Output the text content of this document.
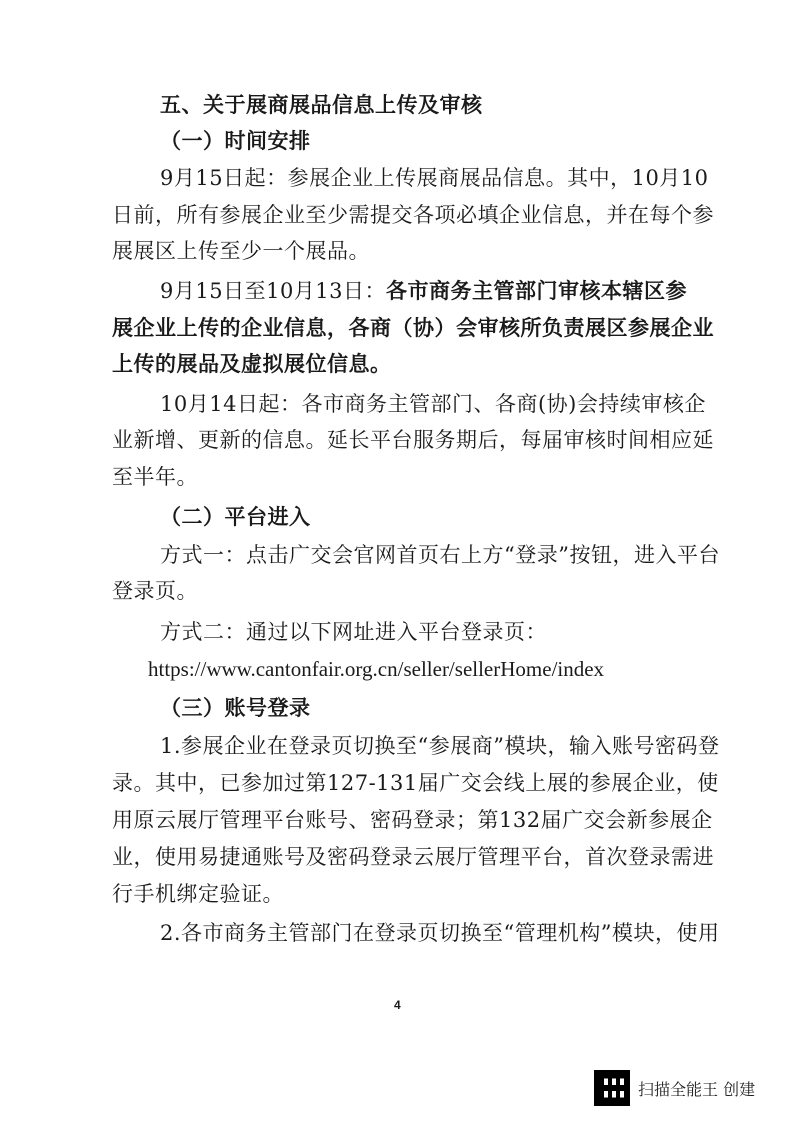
五、关于展商展品信息上传及审核
（一）时间安排
9月15日起：参展企业上传展商展品信息。其中，10月10
日前，所有参展企业至少需提交各项必填企业信息，并在每个参
展展区上传至少一个展品。
9月15日至10月13日：各市商务主管部门审核本辖区参
展企业上传的企业信息，各商（协）会审核所负责展区参展企业
上传的展品及虚拟展位信息。
10月14日起：各市商务主管部门、各商(协)会持续审核企
业新增、更新的信息。延长平台服务期后，每届审核时间相应延
至半年。
（二）平台进入
方式一：点击广交会官网首页右上方“登录”按钮，进入平台
登录页。
方式二：通过以下网址进入平台登录页：
https://www.cantonfair.org.cn/seller/sellerHome/index
（三）账号登录
1.参展企业在登录页切换至“参展商”模块，输入账号密码登
录。其中，已参加过第127-131届广交会线上展的参展企业，使
用原云展厅管理平台账号、密码登录；第132届广交会新参展企
业，使用易捷通账号及密码登录云展厅管理平台，首次登录需进
行手机绑定验证。
2.各市商务主管部门在登录页切换至“管理机构”模块，使用
4
扫描全能王 创建
